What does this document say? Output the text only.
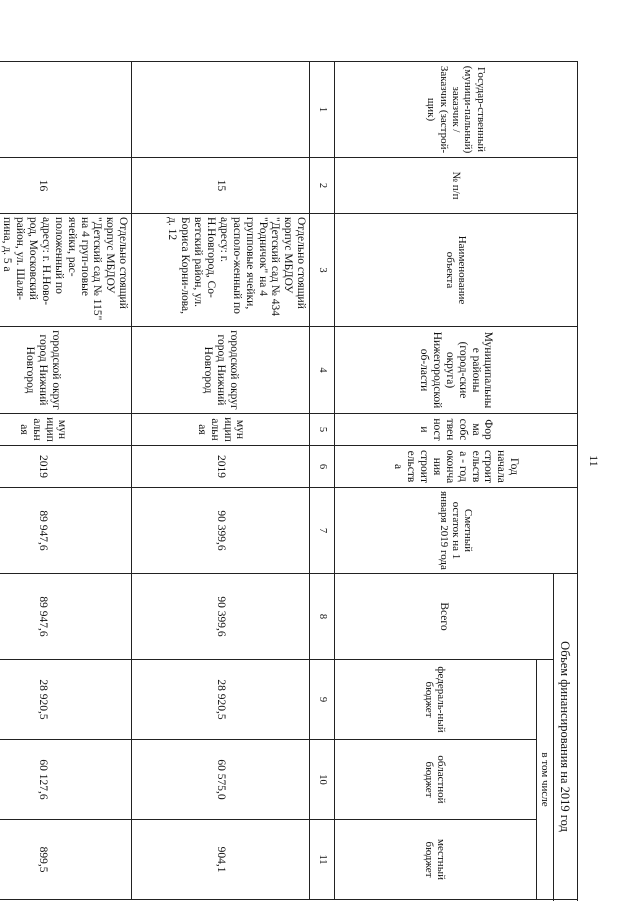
11
Государ-ственный (муници-пальный) заказчик / Заказчик (застрой-щик)	№ п/п	Наименование объекта	Муниципальные районы (город-ские округа) Нижегородской об-ласти	Форма собственности	Год начала строительства - год окончания строительства	Сметный остаток на 1 января 2019 года	Объем финансирования на 2019 год				
							Всего	в том числе			
								федераль-ный бюджет	областной бюджет	местный бюджет	
1	2	3	4	5	6	7	8	9	10	11	
	15	Отдельно стоящий корпус МБДОУ "Детский сад № 434 "Родничок" на 4 групповые ячейки, располо-женный по адресу: г. Н.Новгород, Со-ветский район, ул. Бориса Корни-лова, д. 12	городской округ город Нижний Новгород	муниципальная	2019	90 399,6	90 399,6	28 920,5	60 575,0	904,1	
	16	Отдельно стоящий корпус МБДОУ "Детский сад № 115" на 4 груп-повые ячейки, рас-положенный по адресу: г. Н.Ново-род, Московский район, ул. Шаля-пина, д. 5 а	городской округ город Нижний Новгород	муниципальная	2019	89 947,6	89 947,6	28 920,5	60 127,6	899,5	
